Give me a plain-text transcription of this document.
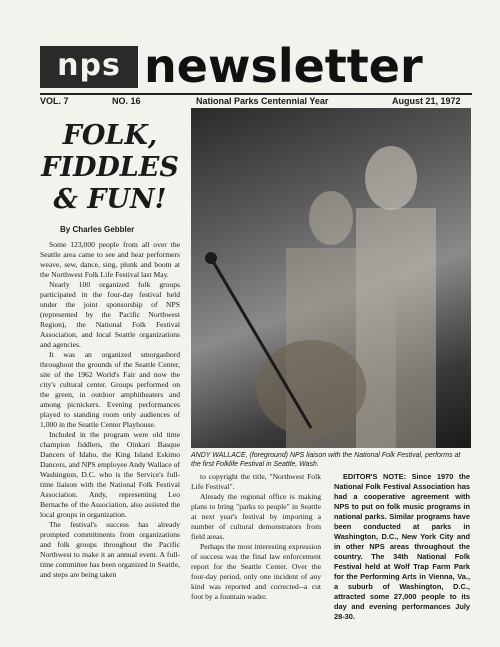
nps newsletter
VOL. 7	NO. 16	National Parks Centennial Year	August 21, 1972
FOLK,
FIDDLES
& FUN!
By Charles Gebbler

Some 123,000 people from all over the Seattle area came to see and hear performers weave, sew, dance, sing, plunk and boom at the Northwest Folk Life Festival last May.

Nearly 100 organized folk groups participated in the four-day festival held under the joint sponsorship of NPS (represented by the Pacific Northwest Region), the National Folk Festival Association, and local Seattle organizations and agencies.

It was an organized smorgasbord throughout the grounds of the Seattle Center, site of the 1962 World's Fair and now the city's cultural center. Groups performed on the green, in outdoor amphitheaters and among picnickers. Evening performances played to standing room only audiences of 1,000 in the Seattle Center Playhouse.

Included in the program were old time champion fiddlers, the Oinkari Basque Dancers of Idaho, the King Island Eskimo Dancers, and NPS employee Andy Wallace of Washington, D.C. who is the Service's full-time liaison with the National Folk Festival Association. Andy, representing Leo Bernache of the Association, also assisted the local groups in organization.

The festival's success has already prompted commitments from organizations and folk groups throughout the Pacific Northwest to make it an annual event. A full-time committee has been organized in Seattle, and steps are being taken

ANDY WALLACE, (foreground) NPS liaison with the National Folk Festival, performs at the first Folklife Festival in Seattle, Wash.

to copyright the title, "Northwest Folk Life Festival".

Already the regional office is making plans to bring "parks to people" in Seattle at next year's festival by importing a number of cultural demonstrators from field areas.

Perhaps the most interesting expression of success was the final law enforcement report for the Seattle Center. Over the four-day period, only one incident of any kind was reported and corrected--a cut foot by a fountain wader.

EDITOR'S NOTE: Since 1970 the National Folk Festival Association has had a cooperative agreement with NPS to put on folk music programs in national parks. Similar programs have been conducted at parks in Washington, D.C., New York City and in other NPS areas throughout the country. The 34th National Folk Festival held at Wolf Trap Farm Park for the Performing Arts in Vienna, Va., a suburb of Washington, D.C., attracted some 27,000 people to its day and evening performances July 28-30.
